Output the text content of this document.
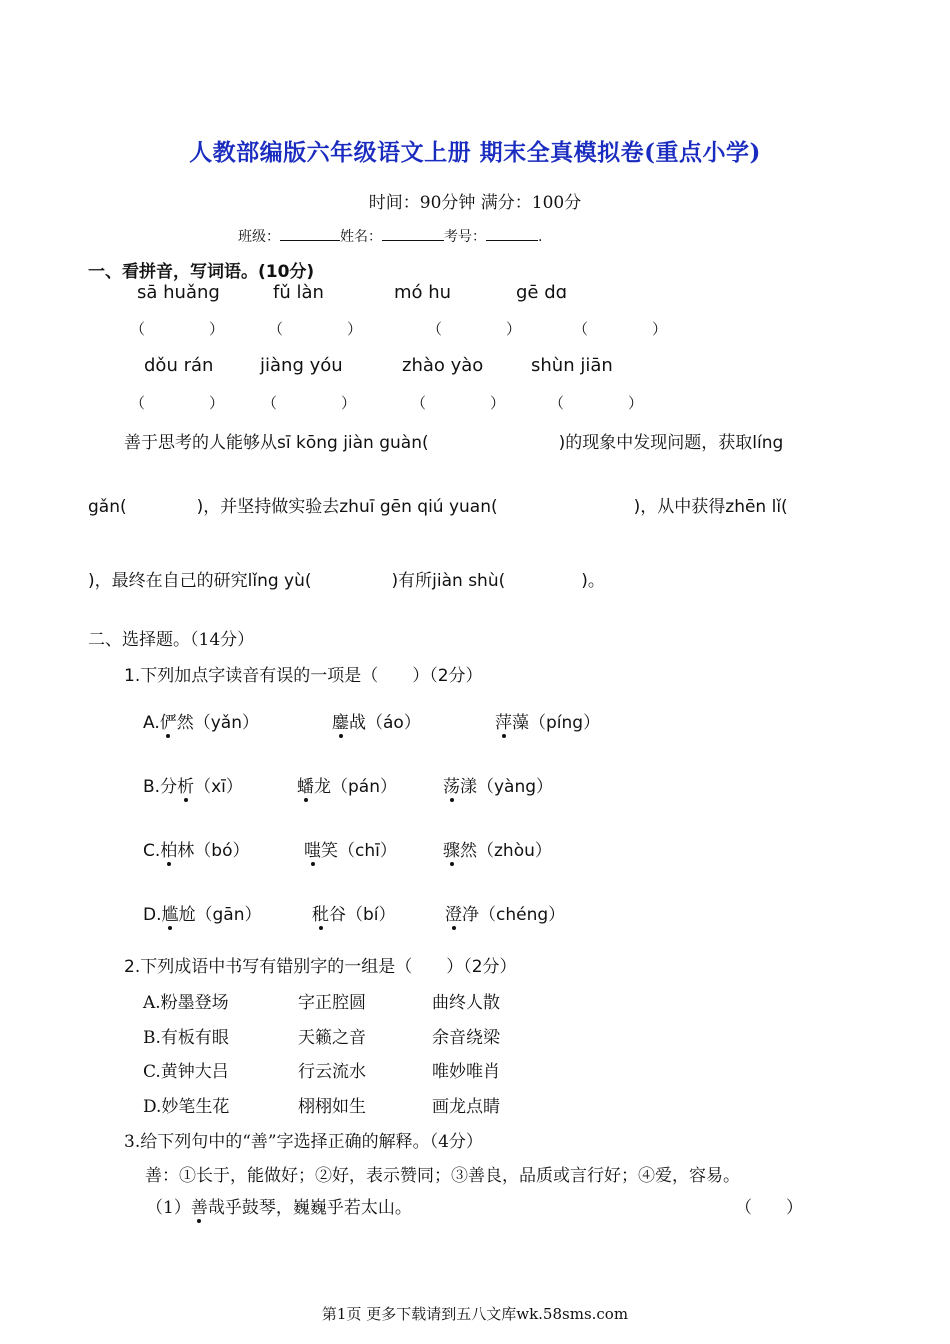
人教部编版六年级语文上册 期末全真模拟卷(重点小学)
时间：90分钟 满分：100分
班级：	姓名：	考号：	.
一、看拼音，写词语。(10分)
sā huǎng	fǔ làn	mó hu	gē dɑ
（	）	（	）	（	）	（	）
dǒu rán	jiàng yóu	zhào yào	shùn jiān
（	）	（	）	（	）	（	）
善于思考的人能够从sī kōng jiàn guàn(	)的现象中发现问题，获取líng
gǎn(	)，并坚持做实验去zhuī gēn qiú yuan(	)，从中获得zhēn lǐ(
)，最终在自己的研究lǐng yù(	)有所jiàn shù(	)。
二、选择题。（14分）
1.下列加点字读音有误的一项是（　　）（2分）
A.俨然（yǎn）	鏖战（áo）	萍藻（píng）
B.分析（xī）	蟠龙（pán）	荡漾（yàng）
C.柏林（bó）	嗤笑（chī）	骤然（zhòu）
D.尴尬（gān）	秕谷（bí）	澄净（chéng）
2.下列成语中书写有错别字的一组是（　　）（2分）
A.粉墨登场	字正腔圆	曲终人散
B.有板有眼	天籁之音	余音绕梁
C.黄钟大吕	行云流水	唯妙唯肖
D.妙笔生花	栩栩如生	画龙点睛
3.给下列句中的“善”字选择正确的解释。（4分）
善：①长于，能做好；②好，表示赞同；③善良，品质或言行好；④爱，容易。
（1）善哉乎鼓琴，巍巍乎若太山。	（　　）
第1页 更多下载请到五八文库wk.58sms.com
